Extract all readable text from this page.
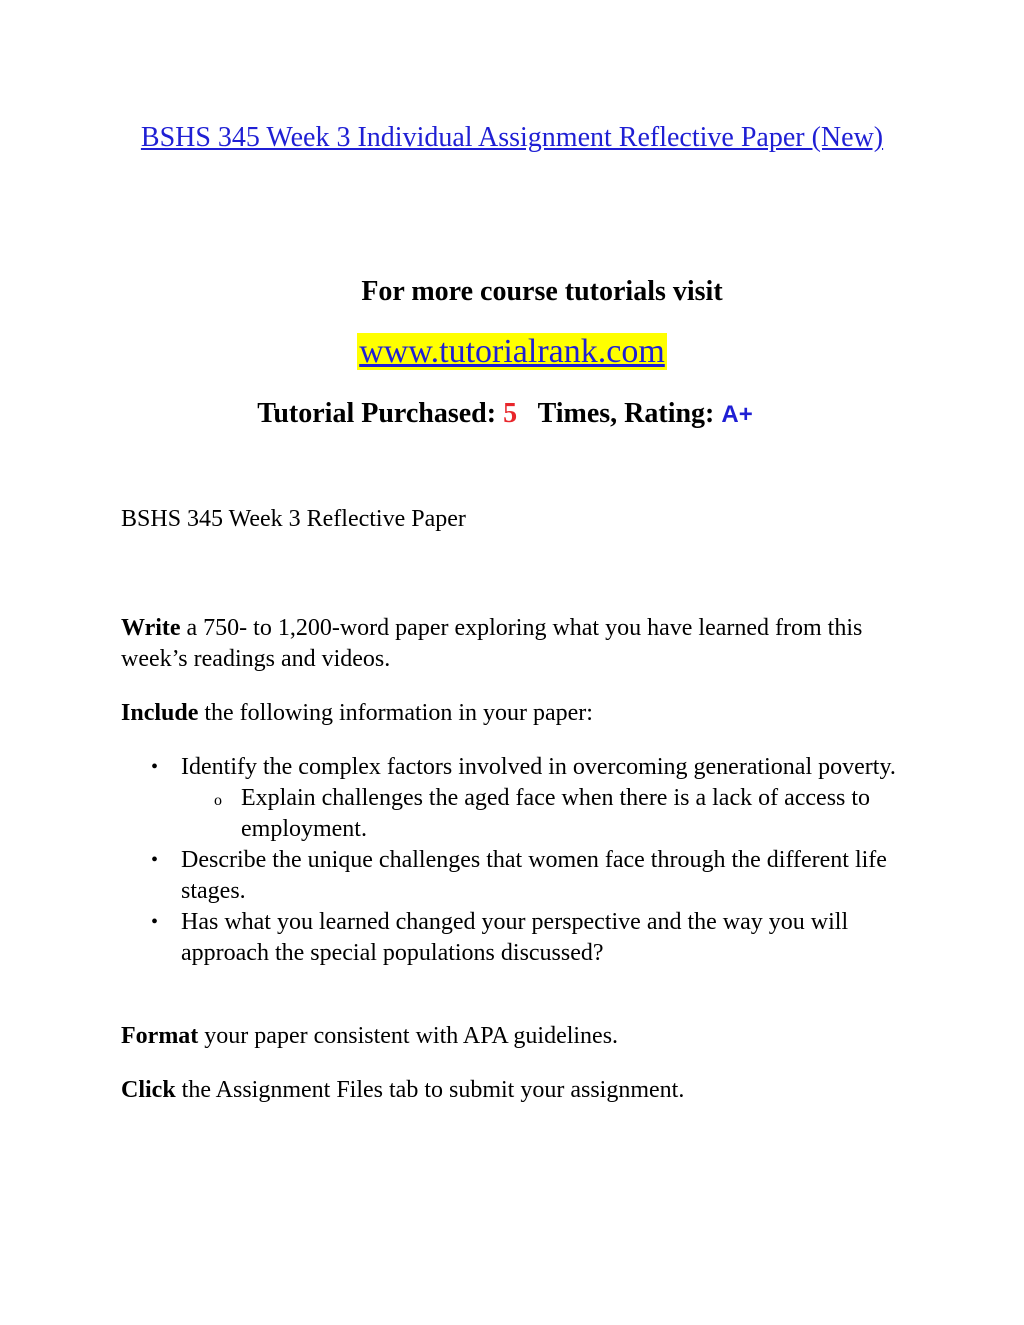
BSHS 345 Week 3 Individual Assignment Reflective Paper (New)
For more course tutorials visit
www.tutorialrank.com
Tutorial Purchased: 5 Times, Rating: A+
BSHS 345 Week 3 Reflective Paper
Write a 750- to 1,200-word paper exploring what you have learned from this week’s readings and videos.
Include the following information in your paper:
• Identify the complex factors involved in overcoming generational poverty.
o Explain challenges the aged face when there is a lack of access to employment.
• Describe the unique challenges that women face through the different life stages.
• Has what you learned changed your perspective and the way you will approach the special populations discussed?
Format your paper consistent with APA guidelines.
Click the Assignment Files tab to submit your assignment.
